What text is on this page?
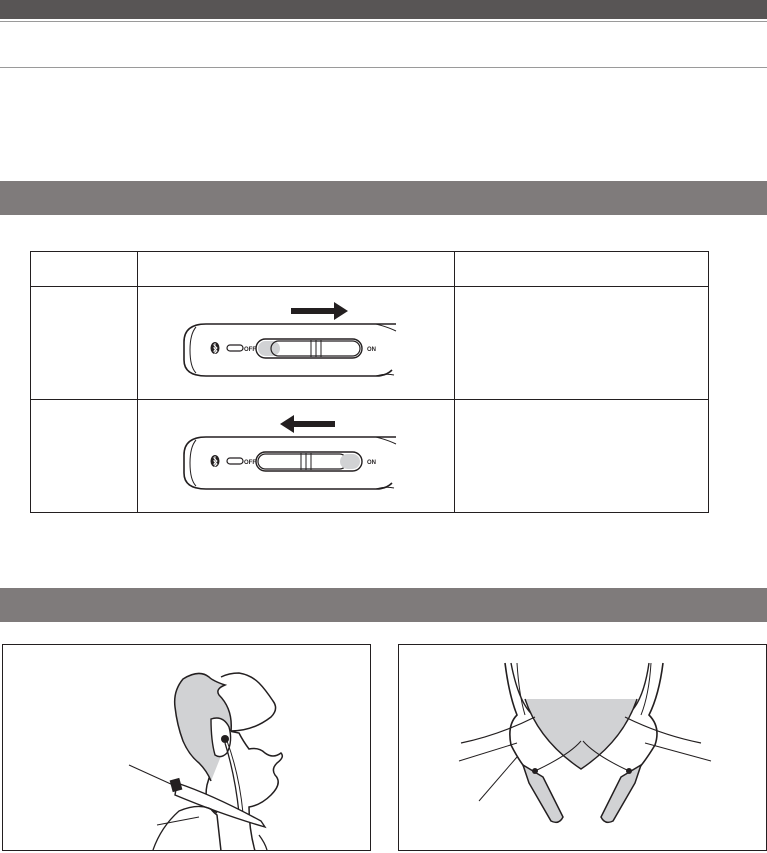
OFF ON	

OFF ON	
